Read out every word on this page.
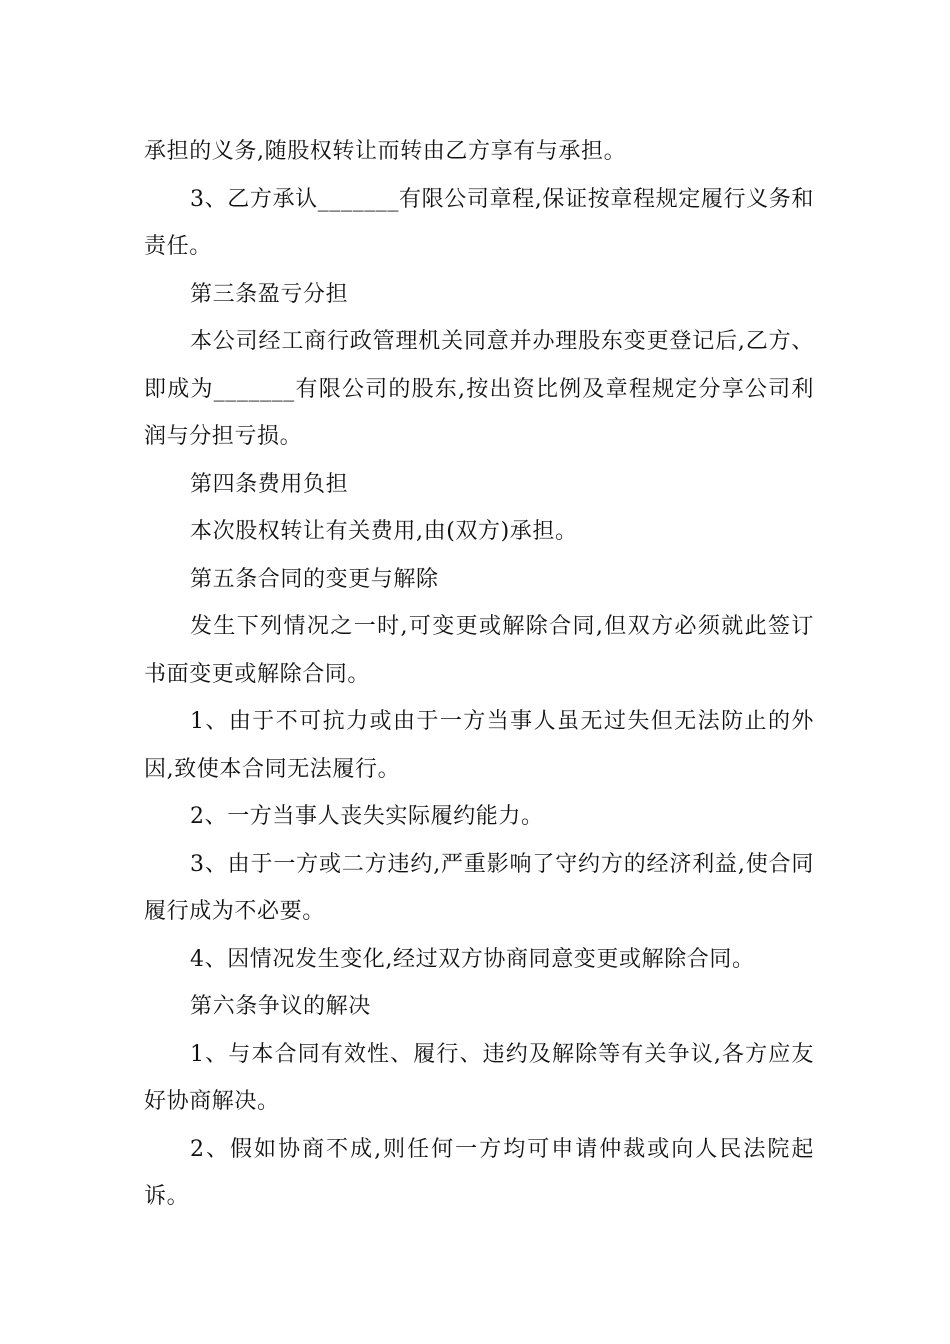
承担的义务,随股权转让而转由乙方享有与承担。

3、乙方承认_______有限公司章程,保证按章程规定履行义务和责任。

第三条盈亏分担

本公司经工商行政管理机关同意并办理股东变更登记后,乙方、即成为_______有限公司的股东,按出资比例及章程规定分享公司利润与分担亏损。

第四条费用负担

本次股权转让有关费用,由(双方)承担。

第五条合同的变更与解除

发生下列情况之一时,可变更或解除合同,但双方必须就此签订书面变更或解除合同。

1、由于不可抗力或由于一方当事人虽无过失但无法防止的外因,致使本合同无法履行。

2、一方当事人丧失实际履约能力。

3、由于一方或二方违约,严重影响了守约方的经济利益,使合同履行成为不必要。

4、因情况发生变化,经过双方协商同意变更或解除合同。

第六条争议的解决

1、与本合同有效性、履行、违约及解除等有关争议,各方应友好协商解决。

2、假如协商不成,则任何一方均可申请仲裁或向人民法院起诉。
